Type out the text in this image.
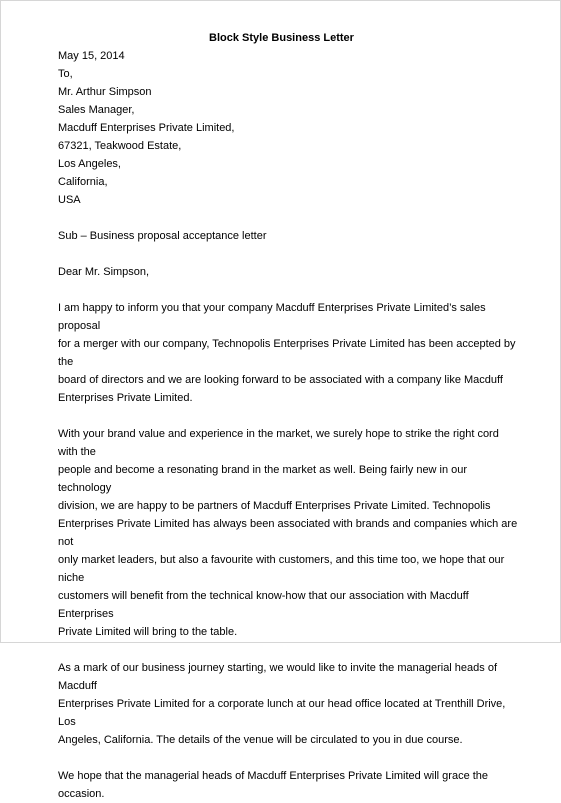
Block Style Business Letter

May 15, 2014

To,

Mr. Arthur Simpson
Sales Manager,
Macduff Enterprises Private Limited,
67321, Teakwood Estate,
Los Angeles,
California,
USA

Sub – Business proposal acceptance letter

Dear Mr. Simpson,

I am happy to inform you that your company Macduff Enterprises Private Limited’s sales proposal
for a merger with our company, Technopolis Enterprises Private Limited has been accepted by the
board of directors and we are looking forward to be associated with a company like Macduff
Enterprises Private Limited.

With your brand value and experience in the market, we surely hope to strike the right cord with the
people and become a resonating brand in the market as well. Being fairly new in our technology
division, we are happy to be partners of Macduff Enterprises Private Limited. Technopolis
Enterprises Private Limited has always been associated with brands and companies which are not
only market leaders, but also a favourite with customers, and this time too, we hope that our niche
customers will benefit from the technical know-how that our association with Macduff Enterprises
Private Limited will bring to the table.

As a mark of our business journey starting, we would like to invite the managerial heads of Macduff
Enterprises Private Limited for a corporate lunch at our head office located at Trenthill Drive, Los
Angeles, California. The details of the venue will be circulated to you in due course.

We hope that the managerial heads of Macduff Enterprises Private Limited will grace the occasion.
